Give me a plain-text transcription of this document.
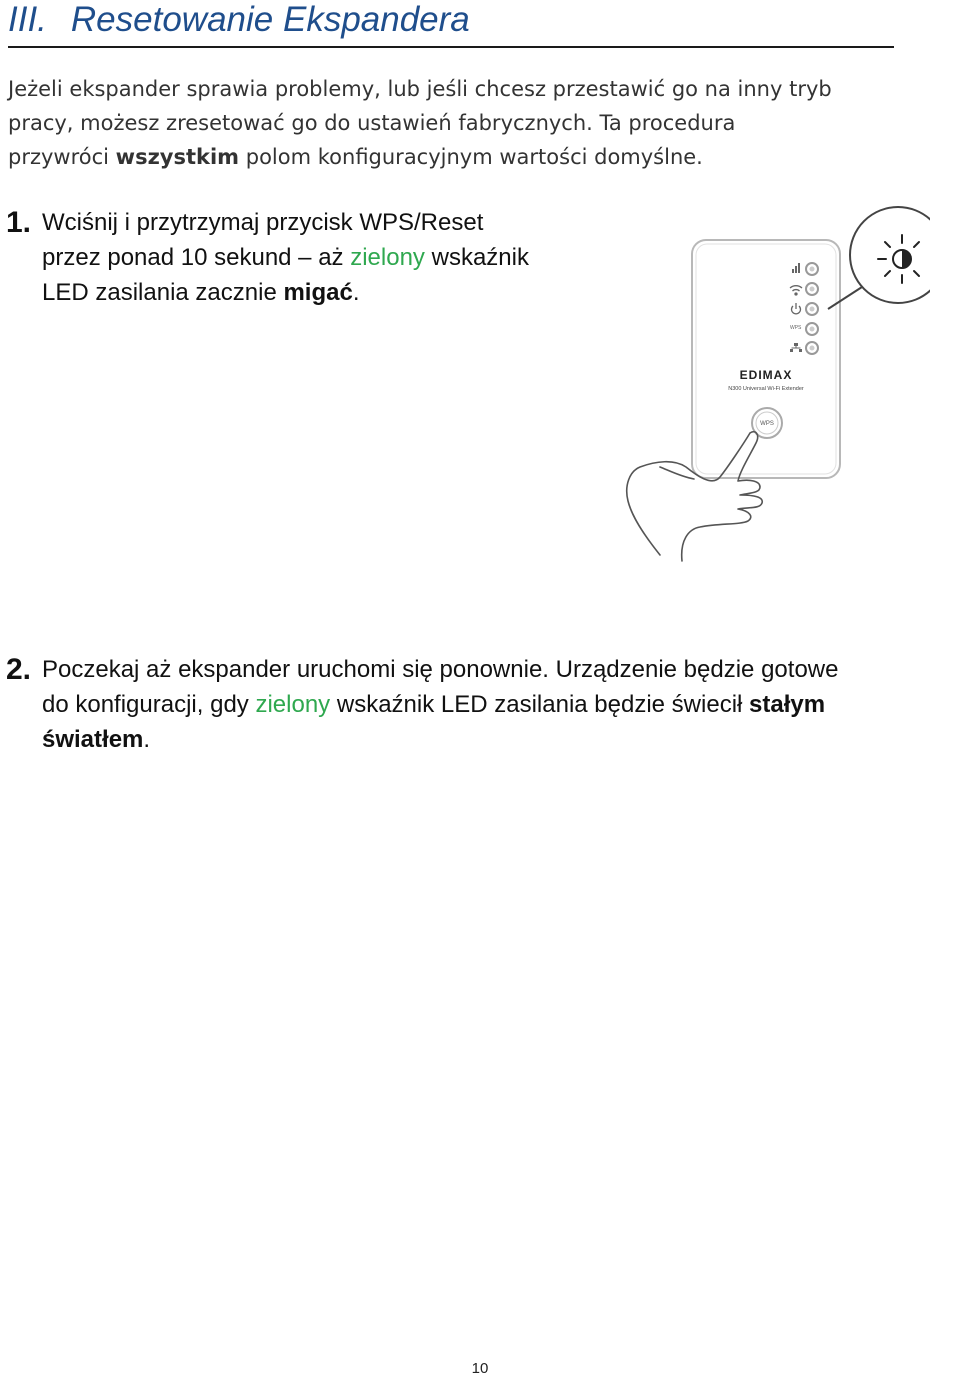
III. Resetowanie Ekspandera

Jeżeli ekspander sprawia problemy, lub jeśli chcesz przestawić go na inny tryb
pracy, możesz zresetować go do ustawień fabrycznych. Ta procedura
przywróci wszystkim polom konfiguracyjnym wartości domyślne.

1. Wciśnij i przytrzymaj przycisk WPS/Reset
przez ponad 10 sekund – aż zielony wskaźnik
LED zasilania zacznie migać.
WPS
EDIMAX
N300 Universal Wi-Fi Extender
WPS
2. Poczekaj aż ekspander uruchomi się ponownie. Urządzenie będzie gotowe
do konfiguracji, gdy zielony wskaźnik LED zasilania będzie świecił stałym
światłem.
10
